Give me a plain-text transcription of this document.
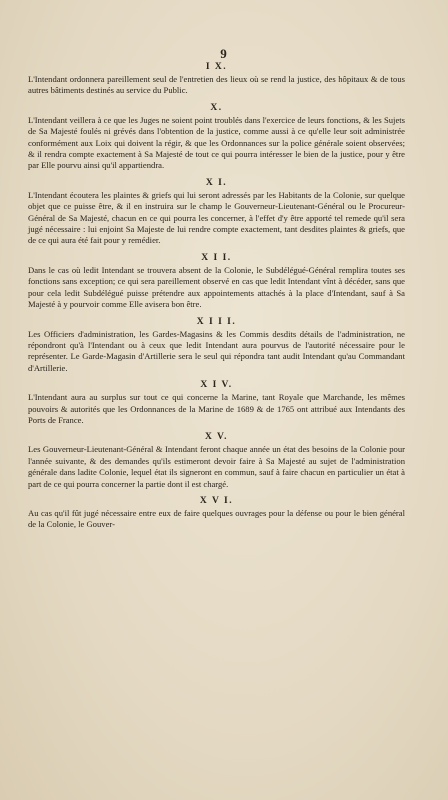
9
I X.
L'Intendant ordonnera pareillement seul de l'entretien des lieux où se rend la justice, des hôpitaux & de tous autres bâtiments destinés au service du Public.
X.
L'Intendant veillera à ce que les Juges ne soient point troublés dans l'exercice de leurs fonctions, & les Sujets de Sa Majesté foulés ni grévés dans l'obtention de la justice, comme aussi à ce qu'elle leur soit administrée conformément aux Loix qui doivent la régir, & que les Ordonnances sur la police générale soient observées; & il rendra compte exactement à Sa Majesté de tout ce qui pourra intéresser le bien de la justice, pour y être par Elle pourvu ainsi qu'il appartiendra.
X I.
L'Intendant écoutera les plaintes & griefs qui lui seront adressés par les Habitants de la Colonie, sur quelque objet que ce puisse être, & il en instruira sur le champ le Gouverneur-Lieutenant-Général ou le Procureur-Général de Sa Majesté, chacun en ce qui pourra les concerner, à l'effet d'y être apporté tel remede qu'il sera jugé nécessaire : lui enjoint Sa Majeste de lui rendre compte exactement, tant desdites plaintes & griefs, que de ce qui aura été fait pour y remédier.
X I I.
Dans le cas où ledit Intendant se trouvera absent de la Colonie, le Subdélégué-Général remplira toutes ses fonctions sans exception; ce qui sera pareillement observé en cas que ledit Intendant vînt à décéder, sans que pour cela ledit Subdélégué puisse prétendre aux appointements attachés à la place d'Intendant, sauf à Sa Majesté à y pourvoir comme Elle avisera bon être.
X I I I.
Les Officiers d'administration, les Gardes-Magasins & les Commis desdits détails de l'administration, ne répondront qu'à l'Intendant ou à ceux que ledit Intendant aura pourvus de l'autorité nécessaire pour le représenter. Le Garde-Magasin d'Artillerie sera le seul qui répondra tant audit Intendant qu'au Commandant d'Artillerie.
X I V.
L'Intendant aura au surplus sur tout ce qui concerne la Marine, tant Royale que Marchande, les mêmes pouvoirs & autorités que les Ordonnances de la Marine de 1689 & de 1765 ont attribué aux Intendants des Ports de France.
X V.
Les Gouverneur-Lieutenant-Général & Intendant feront chaque année un état des besoins de la Colonie pour l'année suivante, & des demandes qu'ils estimeront devoir faire à Sa Majesté au sujet de l'administration générale dans ladite Colonie, lequel état ils signeront en commun, sauf à faire chacun en particulier un état à part de ce qui pourra concerner la partie dont il est chargé.
X V I.
Au cas qu'il fût jugé nécessaire entre eux de faire quelques ouvrages pour la défense ou pour le bien général de la Colonie, le Gouver-
